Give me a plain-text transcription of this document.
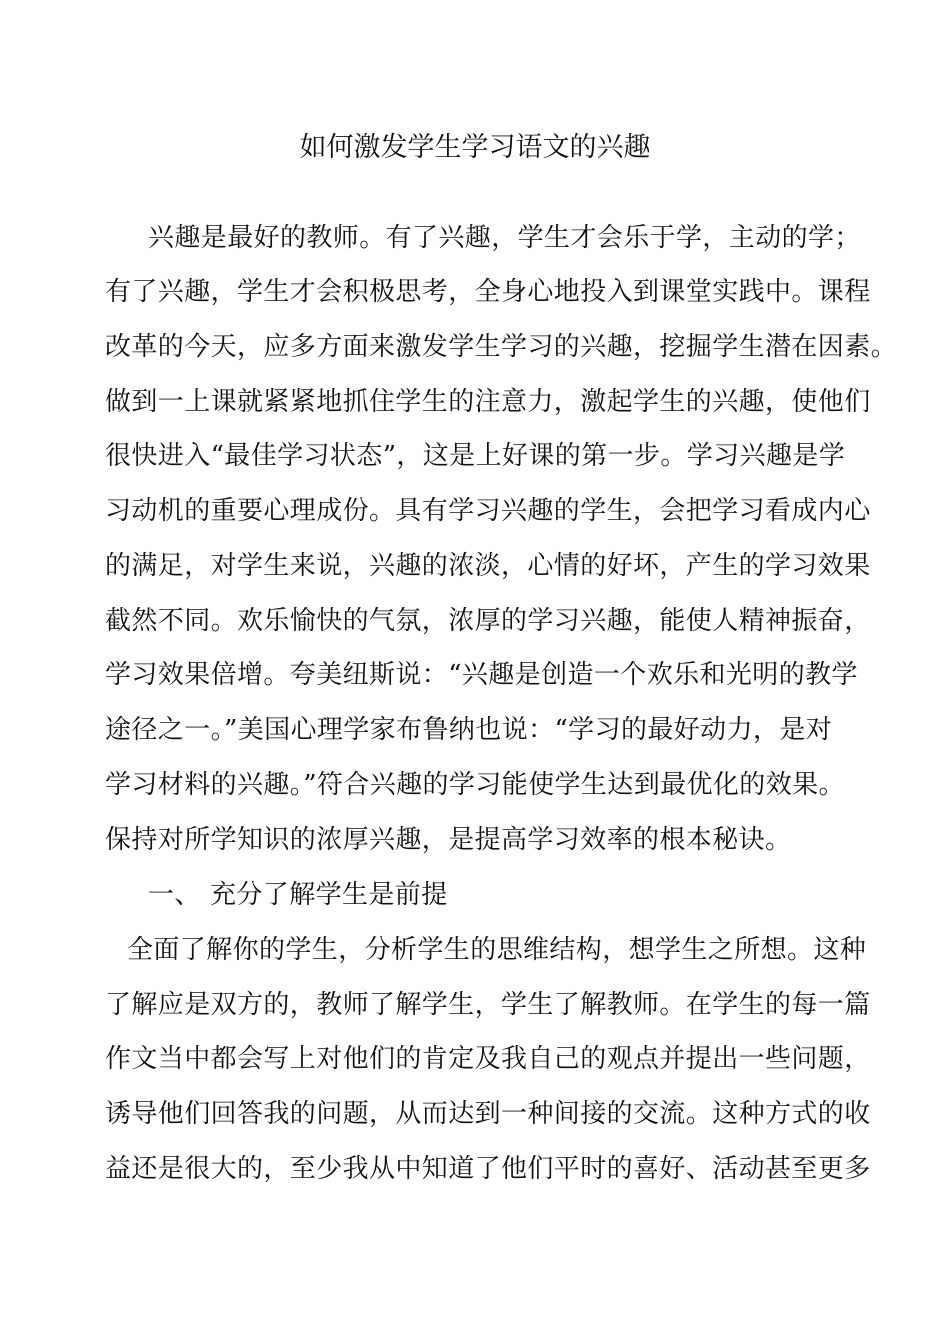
如何激发学生学习语文的兴趣
兴趣是最好的教师。有了兴趣，学生才会乐于学，主动的学；
有了兴趣，学生才会积极思考，全身心地投入到课堂实践中。课程
改革的今天，应多方面来激发学生学习的兴趣，挖掘学生潜在因素。
做到一上课就紧紧地抓住学生的注意力，激起学生的兴趣，使他们
很快进入“最佳学习状态”，这是上好课的第一步。学习兴趣是学
习动机的重要心理成份。具有学习兴趣的学生，会把学习看成内心
的满足，对学生来说，兴趣的浓淡，心情的好坏，产生的学习效果
截然不同。欢乐愉快的气氛，浓厚的学习兴趣，能使人精神振奋，
学习效果倍增。夸美纽斯说：“兴趣是创造一个欢乐和光明的教学
途径之一。”美国心理学家布鲁纳也说：“学习的最好动力，是对
学习材料的兴趣。”符合兴趣的学习能使学生达到最优化的效果。
保持对所学知识的浓厚兴趣，是提高学习效率的根本秘诀。
一、 充分了解学生是前提
全面了解你的学生，分析学生的思维结构，想学生之所想。这种
了解应是双方的，教师了解学生，学生了解教师。在学生的每一篇
作文当中都会写上对他们的肯定及我自己的观点并提出一些问题，
诱导他们回答我的问题，从而达到一种间接的交流。这种方式的收
益还是很大的，至少我从中知道了他们平时的喜好、活动甚至更多
